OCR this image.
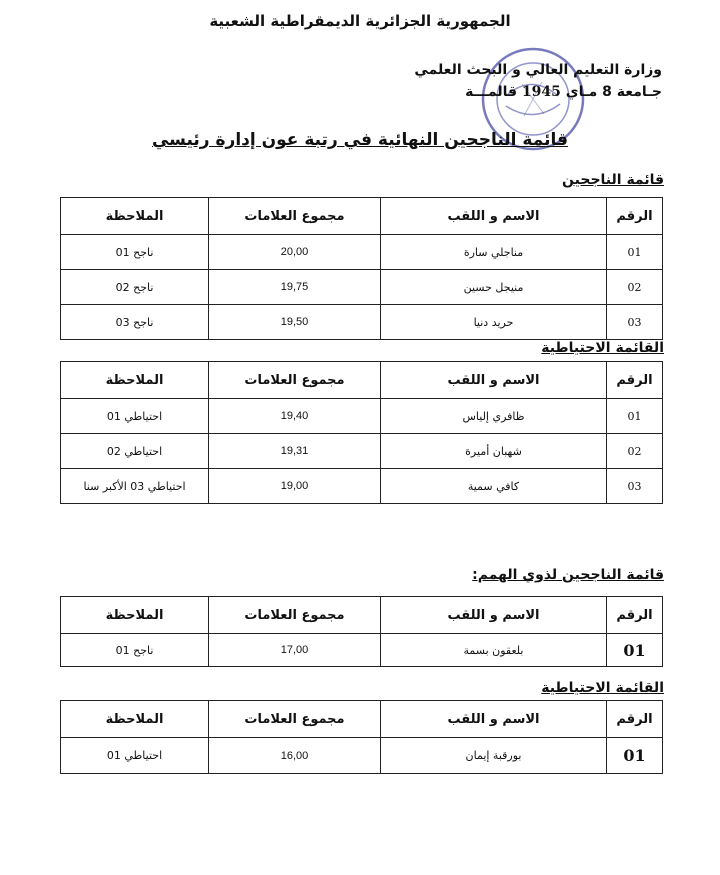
الجمهورية الجزائرية الديمقراطية الشعبية
وزارة التعليم العالي و البحث العلمي
جـامعة 8 مـاي 1945 قالمـــة
قائمة الناجحين النهائية في رتبة عون إدارة رئيسي
قائمة الناجحين
الرقم	الاسم و اللقب	مجموع العلامات	الملاحظة
01	مناجلي سارة	20,00	ناجح 01
02	منيجل حسين	19,75	ناجح 02
03	حريد دنيا	19,50	ناجح 03
القائمة الاحتياطية
الرقم	الاسم و اللقب	مجموع العلامات	الملاحظة
01	ظافري إلياس	19,40	احتياطي 01
02	شهبان أميرة	19,31	احتياطي 02
03	كافي سمية	19,00	احتياطي 03 الأكبر سنا
قائمة الناجحين لذوي الهمم:
الرقم	الاسم و اللقب	مجموع العلامات	الملاحظة
01	بلعقون بسمة	17,00	ناجح 01
القائمة الاحتياطية
الرقم	الاسم و اللقب	مجموع العلامات	الملاحظة
01	بورقبة إيمان	16,00	احتياطي 01
